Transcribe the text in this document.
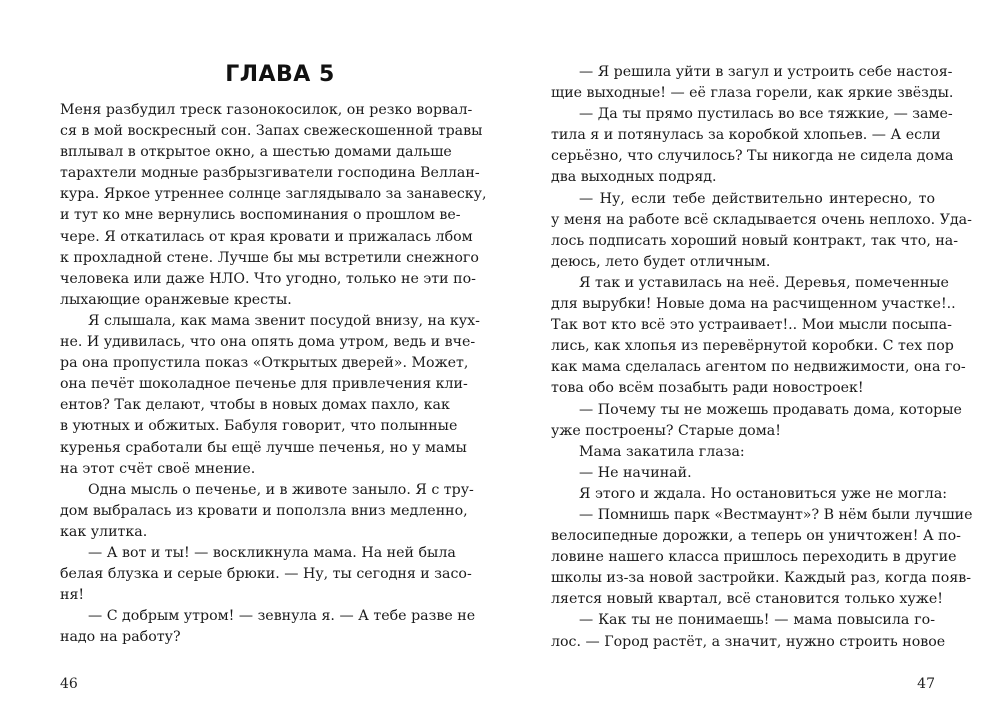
ГЛАВА 5
Меня разбудил треск газонокосилок, он резко ворвал-
ся в мой воскресный сон. Запах свежескошенной травы
вплывал в открытое окно, а шестью домами дальше
тарахтели модные разбрызгиватели господина Веллан-
кура. Яркое утреннее солнце заглядывало за занавеску,
и тут ко мне вернулись воспоминания о прошлом ве-
чере. Я откатилась от края кровати и прижалась лбом
к прохладной стене. Лучше бы мы встретили снежного
человека или даже НЛО. Что угодно, только не эти по-
лыхающие оранжевые кресты.
Я слышала, как мама звенит посудой внизу, на кух-
не. И удивилась, что она опять дома утром, ведь и вче-
ра она пропустила показ «Открытых дверей». Может,
она печёт шоколадное печенье для привлечения кли-
ентов? Так делают, чтобы в новых домах пахло, как
в уютных и обжитых. Бабуля говорит, что полынные
куренья сработали бы ещё лучше печенья, но у мамы
на этот счёт своё мнение.
Одна мысль о печенье, и в животе заныло. Я с тру-
дом выбралась из кровати и поползла вниз медленно,
как улитка.
— А вот и ты! — воскликнула мама. На ней была
белая блузка и серые брюки. — Ну, ты сегодня и засо-
ня!
— С добрым утром! — зевнула я. — А тебе разве не
надо на работу?
46
— Я решила уйти в загул и устроить себе настоя-
щие выходные! — её глаза горели, как яркие звёзды.
— Да ты прямо пустилась во все тяжкие, — заме-
тила я и потянулась за коробкой хлопьев. — А если
серьёзно, что случилось? Ты никогда не сидела дома
два выходных подряд.
— Ну, если тебе действительно интересно, то
у меня на работе всё складывается очень неплохо. Уда-
лось подписать хороший новый контракт, так что, на-
деюсь, лето будет отличным.
Я так и уставилась на неё. Деревья, помеченные
для вырубки! Новые дома на расчищенном участке!..
Так вот кто всё это устраивает!.. Мои мысли посыпа-
лись, как хлопья из перевёрнутой коробки. С тех пор
как мама сделалась агентом по недвижимости, она го-
това обо всём позабыть ради новостроек!
— Почему ты не можешь продавать дома, которые
уже построены? Старые дома!
Мама закатила глаза:
— Не начинай.
Я этого и ждала. Но остановиться уже не могла:
— Помнишь парк «Вестмаунт»? В нём были лучшие
велосипедные дорожки, а теперь он уничтожен! А по-
ловине нашего класса пришлось переходить в другие
школы из-за новой застройки. Каждый раз, когда появ-
ляется новый квартал, всё становится только хуже!
— Как ты не понимаешь! — мама повысила го-
лос. — Город растёт, а значит, нужно строить новое
47
